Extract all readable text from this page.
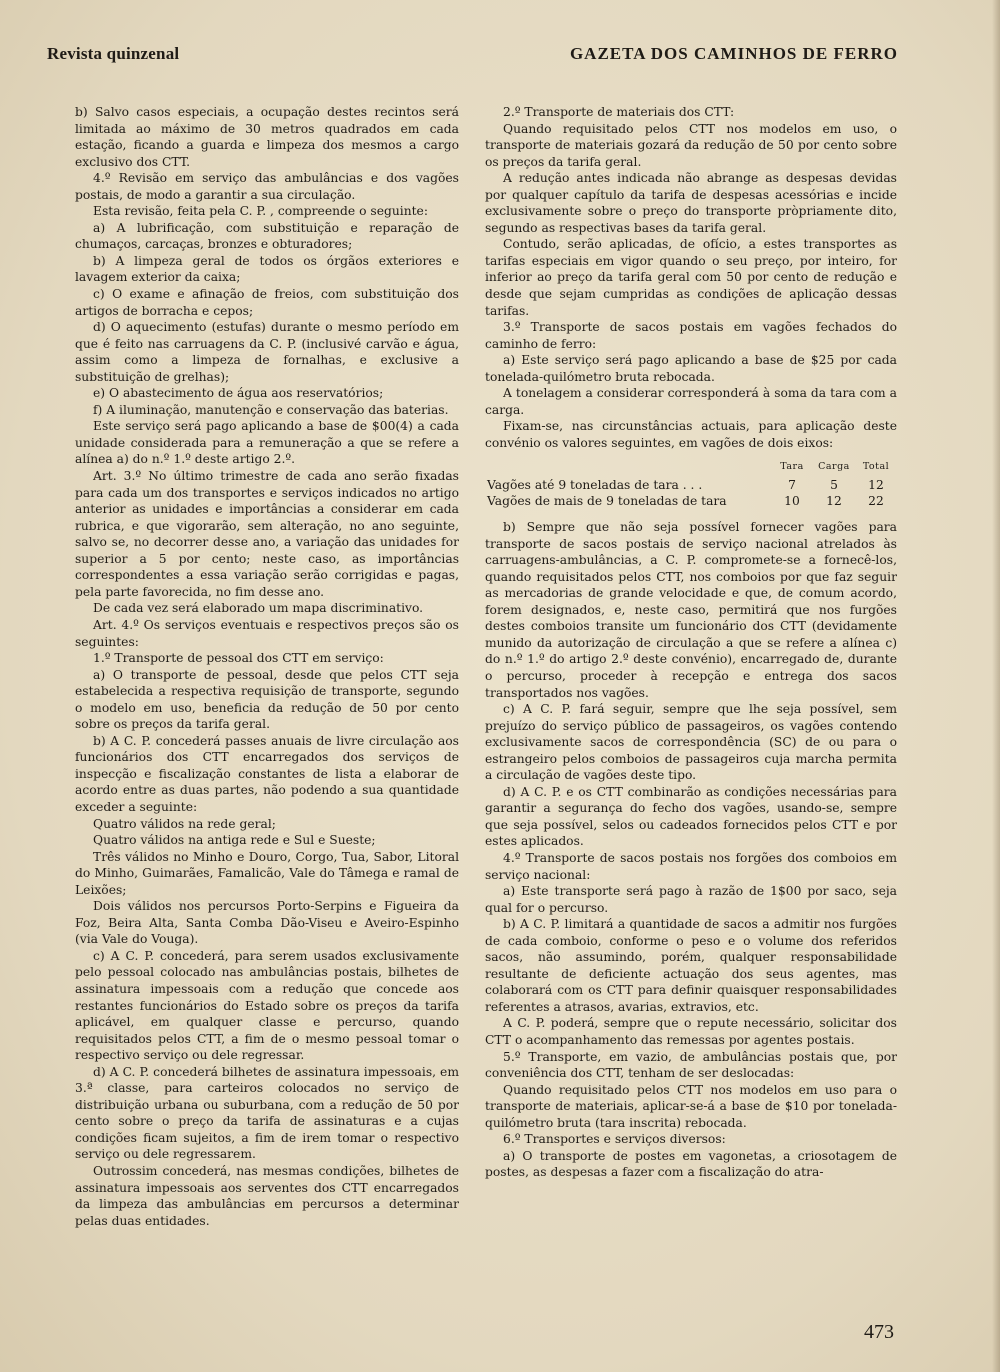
Revista quinzenal	GAZETA DOS CAMINHOS DE FERRO

b) Salvo casos especiais, a ocupação destes recintos será limitada ao máximo de 30 metros quadrados em cada estação, ficando a guarda e limpeza dos mesmos a cargo exclusivo dos CTT.

4.º Revisão em serviço das ambulâncias e dos vagões postais, de modo a garantir a sua circulação.

Esta revisão, feita pela C. P. , compreende o seguinte:

a) A lubrificação, com substituição e reparação de chumaços, carcaças, bronzes e obturadores;

b) A limpeza geral de todos os órgãos exteriores e lavagem exterior da caixa;

c) O exame e afinação de freios, com substituição dos artigos de borracha e cepos;

d) O aquecimento (estufas) durante o mesmo período em que é feito nas carruagens da C. P. (inclusivé carvão e água, assim como a limpeza de fornalhas, e exclusive a substituição de grelhas);

e) O abastecimento de água aos reservatórios;

f) A iluminação, manutenção e conservação das baterias.

Este serviço será pago aplicando a base de $00(4) a cada unidade considerada para a remuneração a que se refere a alínea a) do n.º 1.º deste artigo 2.º.

Art. 3.º No último trimestre de cada ano serão fixadas para cada um dos transportes e serviços indicados no artigo anterior as unidades e importâncias a considerar em cada rubrica, e que vigorarão, sem alteração, no ano seguinte, salvo se, no decorrer desse ano, a variação das unidades for superior a 5 por cento; neste caso, as importâncias correspondentes a essa variação serão corrigidas e pagas, pela parte favorecida, no fim desse ano.

De cada vez será elaborado um mapa discriminativo.

Art. 4.º Os serviços eventuais e respectivos preços são os seguintes:

1.º Transporte de pessoal dos CTT em serviço:

a) O transporte de pessoal, desde que pelos CTT seja estabelecida a respectiva requisição de transporte, segundo o modelo em uso, beneficia da redução de 50 por cento sobre os preços da tarifa geral.

b) A C. P. concederá passes anuais de livre circulação aos funcionários dos CTT encarregados dos serviços de inspecção e fiscalização constantes de lista a elaborar de acordo entre as duas partes, não podendo a sua quantidade exceder a seguinte:

Quatro válidos na rede geral;

Quatro válidos na antiga rede e Sul e Sueste;

Três válidos no Minho e Douro, Corgo, Tua, Sabor, Litoral do Minho, Guimarães, Famalicão, Vale do Tâmega e ramal de Leixões;

Dois válidos nos percursos Porto-Serpins e Figueira da Foz, Beira Alta, Santa Comba Dão-Viseu e Aveiro-Espinho (via Vale do Vouga).

c) A C. P. concederá, para serem usados exclusivamente pelo pessoal colocado nas ambulâncias postais, bilhetes de assinatura impessoais com a redução que concede aos restantes funcionários do Estado sobre os preços da tarifa aplicável, em qualquer classe e percurso, quando requisitados pelos CTT, a fim de o mesmo pessoal tomar o respectivo serviço ou dele regressar.

d) A C. P. concederá bilhetes de assinatura impessoais, em 3.ª classe, para carteiros colocados no serviço de distribuição urbana ou suburbana, com a redução de 50 por cento sobre o preço da tarifa de assinaturas e a cujas condições ficam sujeitos, a fim de irem tomar o respectivo serviço ou dele regressarem.

Outrossim concederá, nas mesmas condições, bilhetes de assinatura impessoais aos serventes dos CTT encarregados da limpeza das ambulâncias em percursos a determinar pelas duas entidades.

2.º Transporte de materiais dos CTT:

Quando requisitado pelos CTT nos modelos em uso, o transporte de materiais gozará da redução de 50 por cento sobre os preços da tarifa geral.

A redução antes indicada não abrange as despesas devidas por qualquer capítulo da tarifa de despesas acessórias e incide exclusivamente sobre o preço do transporte pròpriamente dito, segundo as respectivas bases da tarifa geral.

Contudo, serão aplicadas, de ofício, a estes transportes as tarifas especiais em vigor quando o seu preço, por inteiro, for inferior ao preço da tarifa geral com 50 por cento de redução e desde que sejam cumpridas as condições de aplicação dessas tarifas.

3.º Transporte de sacos postais em vagões fechados do caminho de ferro:

a) Este serviço será pago aplicando a base de $25 por cada tonelada-quilómetro bruta rebocada.

A tonelagem a considerar corresponderá à soma da tara com a carga.

Fixam-se, nas circunstâncias actuais, para aplicação deste convénio os valores seguintes, em vagões de dois eixos:

	Tara	Carga	Total
Vagões até 9 toneladas de tara . . .	7	5	12
Vagões de mais de 9 toneladas de tara	10	12	22

b) Sempre que não seja possível fornecer vagões para transporte de sacos postais de serviço nacional atrelados às carruagens-ambulâncias, a C. P. compromete-se a fornecê-los, quando requisitados pelos CTT, nos comboios por que faz seguir as mercadorias de grande velocidade e que, de comum acordo, forem designados, e, neste caso, permitirá que nos furgões destes comboios transite um funcionário dos CTT (devidamente munido da autorização de circulação a que se refere a alínea c) do n.º 1.º do artigo 2.º deste convénio), encarregado de, durante o percurso, proceder à recepção e entrega dos sacos transportados nos vagões.

c) A C. P. fará seguir, sempre que lhe seja possível, sem prejuízo do serviço público de passageiros, os vagões contendo exclusivamente sacos de correspondência (SC) de ou para o estrangeiro pelos comboios de passageiros cuja marcha permita a circulação de vagões deste tipo.

d) A C. P. e os CTT combinarão as condições necessárias para garantir a segurança do fecho dos vagões, usando-se, sempre que seja possível, selos ou cadeados fornecidos pelos CTT e por estes aplicados.

4.º Transporte de sacos postais nos forgões dos comboios em serviço nacional:

a) Este transporte será pago à razão de 1$00 por saco, seja qual for o percurso.

b) A C. P. limitará a quantidade de sacos a admitir nos furgões de cada comboio, conforme o peso e o volume dos referidos sacos, não assumindo, porém, qualquer responsabilidade resultante de deficiente actuação dos seus agentes, mas colaborará com os CTT para definir quaisquer responsabilidades referentes a atrasos, avarias, extravios, etc.

A C. P. poderá, sempre que o repute necessário, solicitar dos CTT o acompanhamento das remessas por agentes postais.

5.º Transporte, em vazio, de ambulâncias postais que, por conveniência dos CTT, tenham de ser deslocadas:

Quando requisitado pelos CTT nos modelos em uso para o transporte de materiais, aplicar-se-á a base de $10 por tonelada-quilómetro bruta (tara inscrita) rebocada.

6.º Transportes e serviços diversos:

a) O transporte de postes em vagonetas, a criosotagem de postes, as despesas a fazer com a fiscalização do atra-

473
